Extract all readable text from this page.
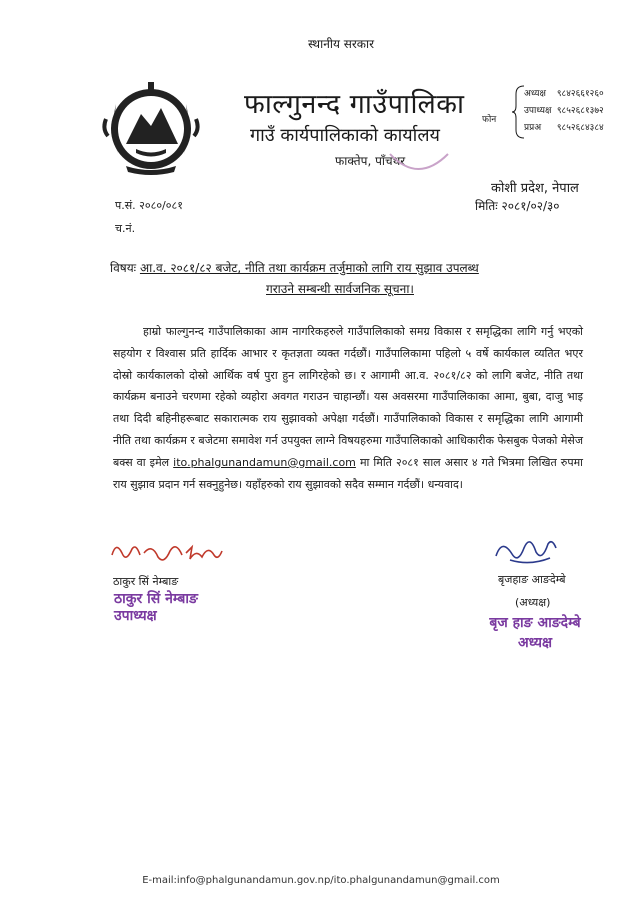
स्थानीय सरकार
फाल्गुनन्द गाउँपालिका
गाउँ कार्यपालिकाको कार्यालय
फाक्तेप, पाँचथर
फोन
अध्यक्ष ९८४२६६१२६०
उपाध्यक्ष ९८५२६८१३७२
प्रप्रअ ९८५२६८४३८४
कोशी प्रदेश, नेपाल
मितिः २०८१/०२/३०
प.सं. २०८०/०८१
च.नं.
विषयः आ.व. २०८१/८२ बजेट, नीति तथा कार्यक्रम तर्जुमाको लागि राय सुझाव उपलब्ध
गराउने सम्बन्धी सार्वजनिक सूचना।

हाम्रो फाल्गुनन्द गाउँपालिकाका आम नागरिकहरुले गाउँपालिकाको समग्र विकास र समृद्धिका लागि गर्नु भएको सहयोग र विश्वास प्रति हार्दिक आभार र कृतज्ञता व्यक्त गर्दछौं। गाउँपालिकामा पहिलो ५ वर्षे कार्यकाल व्यतित भएर दोस्रो कार्यकालको दोस्रो आर्थिक वर्ष पुरा हुन लागिरहेको छ। र आगामी आ.व. २०८१/८२ को लागि बजेट, नीति तथा कार्यक्रम बनाउने चरणमा रहेको व्यहोरा अवगत गराउन चाहान्छौं। यस अवसरमा गाउँपालिकाका आमा, बुबा, दाजु भाइ तथा दिदी बहिनीहरूबाट सकारात्मक राय सुझावको अपेक्षा गर्दछौं। गाउँपालिकाको विकास र समृद्धिका लागि आगामी नीति तथा कार्यक्रम र बजेटमा समावेश गर्न उपयुक्त लाग्ने विषयहरुमा गाउँपालिकाको आधिकारीक फेसबुक पेजको मेसेज बक्स वा इमेल ito.phalgunandamun@gmail.com मा मिति २०८१ साल असार ४ गते भित्रमा लिखित रुपमा राय सुझाव प्रदान गर्न सक्नुहुनेछ। यहाँहरुको राय सुझावको सदैव सम्मान गर्दछौं। धन्यवाद।

ठाकुर सिं नेम्बाङ
ठाकुर सिं नेम्बाङ
उपाध्यक्ष
बृजहाङ आङदेम्बे
(अध्यक्ष)
बृज हाङ आङदेम्बे
अध्यक्ष
E-mail:info@phalgunandamun.gov.np/ito.phalgunandamun@gmail.com
